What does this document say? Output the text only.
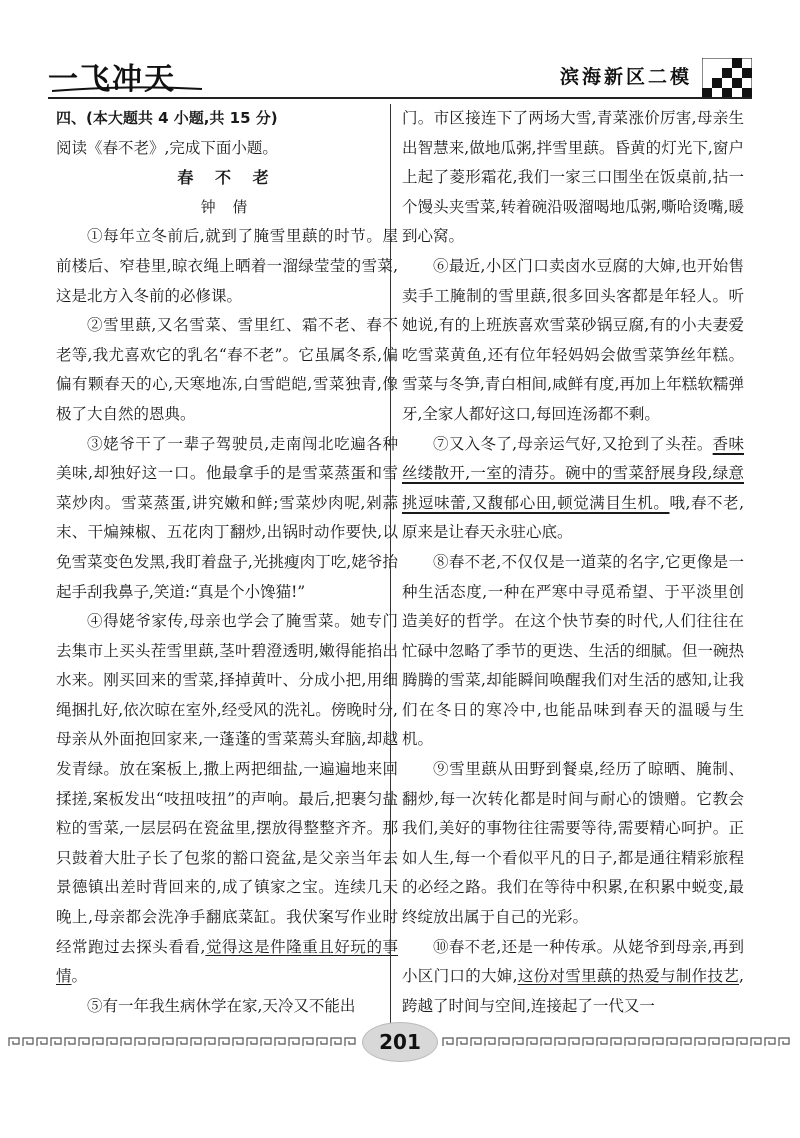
一飞冲天	滨海新区二模
四、(本大题共 4 小题,共 15 分)
阅读《春不老》,完成下面小题。
春 不 老
钟 倩

①每年立冬前后,就到了腌雪里蕻的时节。屋前楼后、窄巷里,晾衣绳上晒着一溜绿莹莹的雪菜,这是北方入冬前的必修课。

②雪里蕻,又名雪菜、雪里红、霜不老、春不老等,我尤喜欢它的乳名“春不老”。它虽属冬系,偏偏有颗春天的心,天寒地冻,白雪皑皑,雪菜独青,像极了大自然的恩典。

③姥爷干了一辈子驾驶员,走南闯北吃遍各种美味,却独好这一口。他最拿手的是雪菜蒸蛋和雪菜炒肉。雪菜蒸蛋,讲究嫩和鲜;雪菜炒肉呢,剁蒜末、干煸辣椒、五花肉丁翻炒,出锅时动作要快,以免雪菜变色发黑,我盯着盘子,光挑瘦肉丁吃,姥爷抬起手刮我鼻子,笑道:“真是个小馋猫!”

④得姥爷家传,母亲也学会了腌雪菜。她专门去集市上买头茬雪里蕻,茎叶碧澄透明,嫩得能掐出水来。刚买回来的雪菜,择掉黄叶、分成小把,用细绳捆扎好,依次晾在室外,经受风的洗礼。傍晚时分,母亲从外面抱回家来,一蓬蓬的雪菜蔫头耷脑,却越发青绿。放在案板上,撒上两把细盐,一遍遍地来回揉搓,案板发出“吱扭吱扭”的声响。最后,把裹匀盐粒的雪菜,一层层码在瓷盆里,摆放得整整齐齐。那只鼓着大肚子长了包浆的豁口瓷盆,是父亲当年去景德镇出差时背回来的,成了镇家之宝。连续几天晚上,母亲都会洗净手翻底菜缸。我伏案写作业时经常跑过去探头看看,觉得这是件隆重且好玩的事情。

⑤有一年我生病休学在家,天冷又不能出

门。市区接连下了两场大雪,青菜涨价厉害,母亲生出智慧来,做地瓜粥,拌雪里蕻。昏黄的灯光下,窗户上起了菱形霜花,我们一家三口围坐在饭桌前,拈一个馒头夹雪菜,转着碗沿吸溜喝地瓜粥,嘶哈烫嘴,暖到心窝。

⑥最近,小区门口卖卤水豆腐的大婶,也开始售卖手工腌制的雪里蕻,很多回头客都是年轻人。听她说,有的上班族喜欢雪菜砂锅豆腐,有的小夫妻爱吃雪菜黄鱼,还有位年轻妈妈会做雪菜笋丝年糕。雪菜与冬笋,青白相间,咸鲜有度,再加上年糕软糯弹牙,全家人都好这口,每回连汤都不剩。

⑦又入冬了,母亲运气好,又抢到了头茬。香味丝缕散开,一室的清芬。碗中的雪菜舒展身段,绿意挑逗味蕾,又馥郁心田,顿觉满目生机。哦,春不老,原来是让春天永驻心底。

⑧春不老,不仅仅是一道菜的名字,它更像是一种生活态度,一种在严寒中寻觅希望、于平淡里创造美好的哲学。在这个快节奏的时代,人们往往在忙碌中忽略了季节的更迭、生活的细腻。但一碗热腾腾的雪菜,却能瞬间唤醒我们对生活的感知,让我们在冬日的寒冷中,也能品味到春天的温暖与生机。

⑨雪里蕻从田野到餐桌,经历了晾晒、腌制、翻炒,每一次转化都是时间与耐心的馈赠。它教会我们,美好的事物往往需要等待,需要精心呵护。正如人生,每一个看似平凡的日子,都是通往精彩旅程的必经之路。我们在等待中积累,在积累中蜕变,最终绽放出属于自己的光彩。

⑩春不老,还是一种传承。从姥爷到母亲,再到小区门口的大婶,这份对雪里蕻的热爱与制作技艺,跨越了时间与空间,连接起了一代又一

201
